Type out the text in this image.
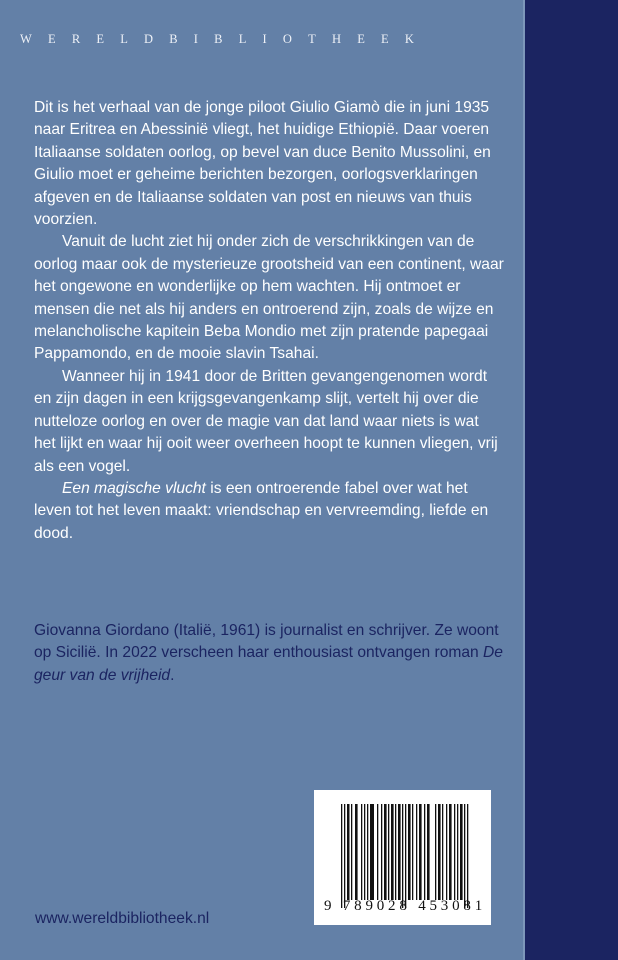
WERELDBIBLIOTHEEK

Dit is het verhaal van de jonge piloot Giulio Giamò die in juni 1935 naar Eritrea en Abessinië vliegt, het huidige Ethiopië. Daar voeren Italiaanse soldaten oorlog, op bevel van duce Benito Mussolini, en Giulio moet er geheime berichten bezorgen, oorlogsverklaringen afgeven en de Italiaanse soldaten van post en nieuws van thuis voorzien.

Vanuit de lucht ziet hij onder zich de verschrikkingen van de oorlog maar ook de mysterieuze grootsheid van een continent, waar het ongewone en wonderlijke op hem wachten. Hij ontmoet er mensen die net als hij anders en ontroerend zijn, zoals de wijze en melancholische kapitein Beba Mondio met zijn pratende papegaai Pappamondo, en de mooie slavin Tsahai.

Wanneer hij in 1941 door de Britten gevangengenomen wordt en zijn dagen in een krijgsgevangenkamp slijt, vertelt hij over die nutteloze oorlog en over de magie van dat land waar niets is wat het lijkt en waar hij ooit weer overheen hoopt te kunnen vliegen, vrij als een vogel.

Een magische vlucht is een ontroerende fabel over wat het leven tot het leven maakt: vriendschap en vervreemding, liefde en dood.

Giovanna Giordano (Italië, 1961) is journalist en schrijver. Ze woont op Sicilië. In 2022 verscheen haar enthousiast ontvangen roman De geur van de vrijheid.

9 789028 453081
www.wereldbibliotheek.nl
